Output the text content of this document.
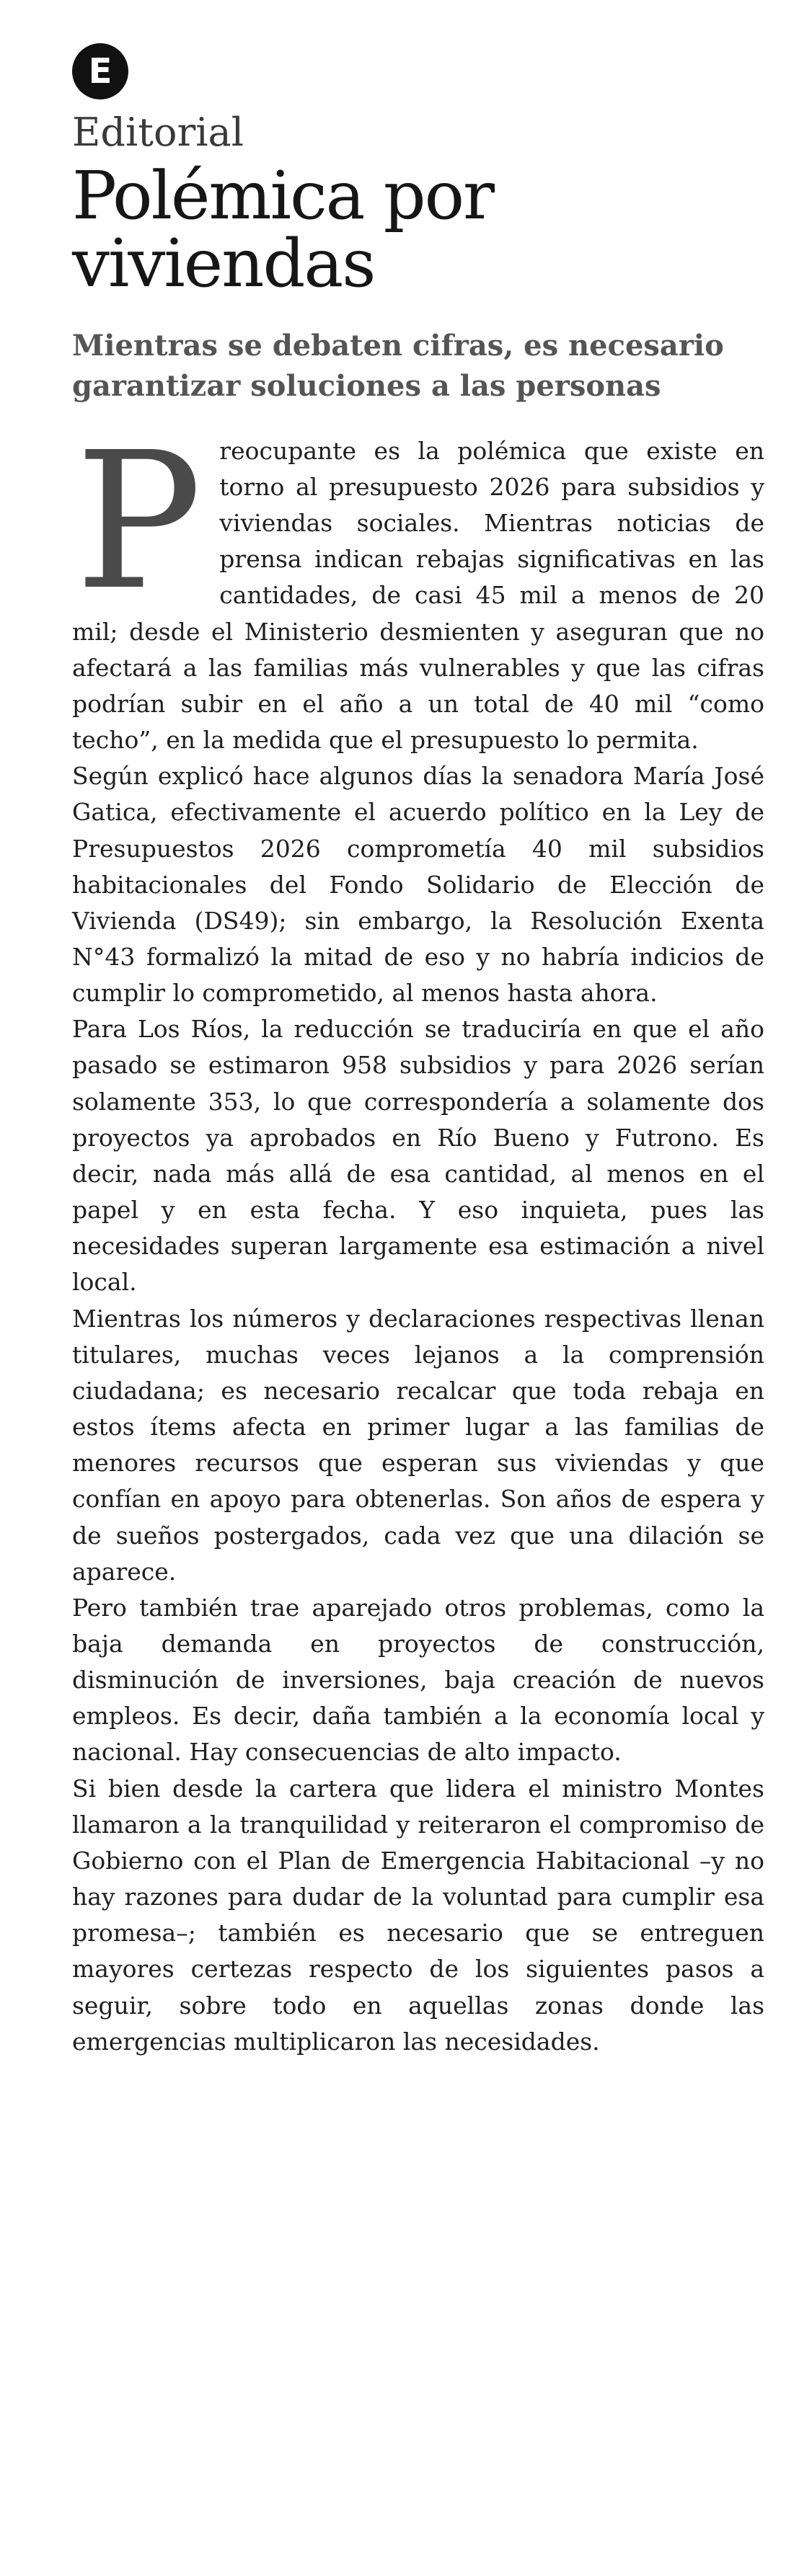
E
Editorial
Polémica por viviendas
Mientras se debaten cifras, es necesario garantizar soluciones a las personas

Preocupante es la polémica que existe en torno al presupuesto 2026 para subsidios y viviendas sociales. Mientras noticias de prensa indican rebajas significativas en las cantidades, de casi 45 mil a menos de 20 mil; desde el Ministerio desmienten y aseguran que no afectará a las familias más vulnerables y que las cifras podrían subir en el año a un total de 40 mil “como techo”, en la medida que el presupuesto lo permita.

Según explicó hace algunos días la senadora María José Gatica, efectivamente el acuerdo político en la Ley de Presupuestos 2026 comprometía 40 mil subsidios habitacionales del Fondo Solidario de Elección de Vivienda (DS49); sin embargo, la Resolución Exenta N°43 formalizó la mitad de eso y no habría indicios de cumplir lo comprometido, al menos hasta ahora.

Para Los Ríos, la reducción se traduciría en que el año pasado se estimaron 958 subsidios y para 2026 serían solamente 353, lo que correspondería a solamente dos proyectos ya aprobados en Río Bueno y Futrono. Es decir, nada más allá de esa cantidad, al menos en el papel y en esta fecha. Y eso inquieta, pues las necesidades superan largamente esa estimación a nivel local.

Mientras los números y declaraciones respectivas llenan titulares, muchas veces lejanos a la comprensión ciudadana; es necesario recalcar que toda rebaja en estos ítems afecta en primer lugar a las familias de menores recursos que esperan sus viviendas y que confían en apoyo para obtenerlas. Son años de espera y de sueños postergados, cada vez que una dilación se aparece.

Pero también trae aparejado otros problemas, como la baja demanda en proyectos de construcción, disminución de inversiones, baja creación de nuevos empleos. Es decir, daña también a la economía local y nacional. Hay consecuencias de alto impacto.

Si bien desde la cartera que lidera el ministro Montes llamaron a la tranquilidad y reiteraron el compromiso de Gobierno con el Plan de Emergencia Habitacional –y no hay razones para dudar de la voluntad para cumplir esa promesa–; también es necesario que se entreguen mayores certezas respecto de los siguientes pasos a seguir, sobre todo en aquellas zonas donde las emergencias multiplicaron las necesidades.
